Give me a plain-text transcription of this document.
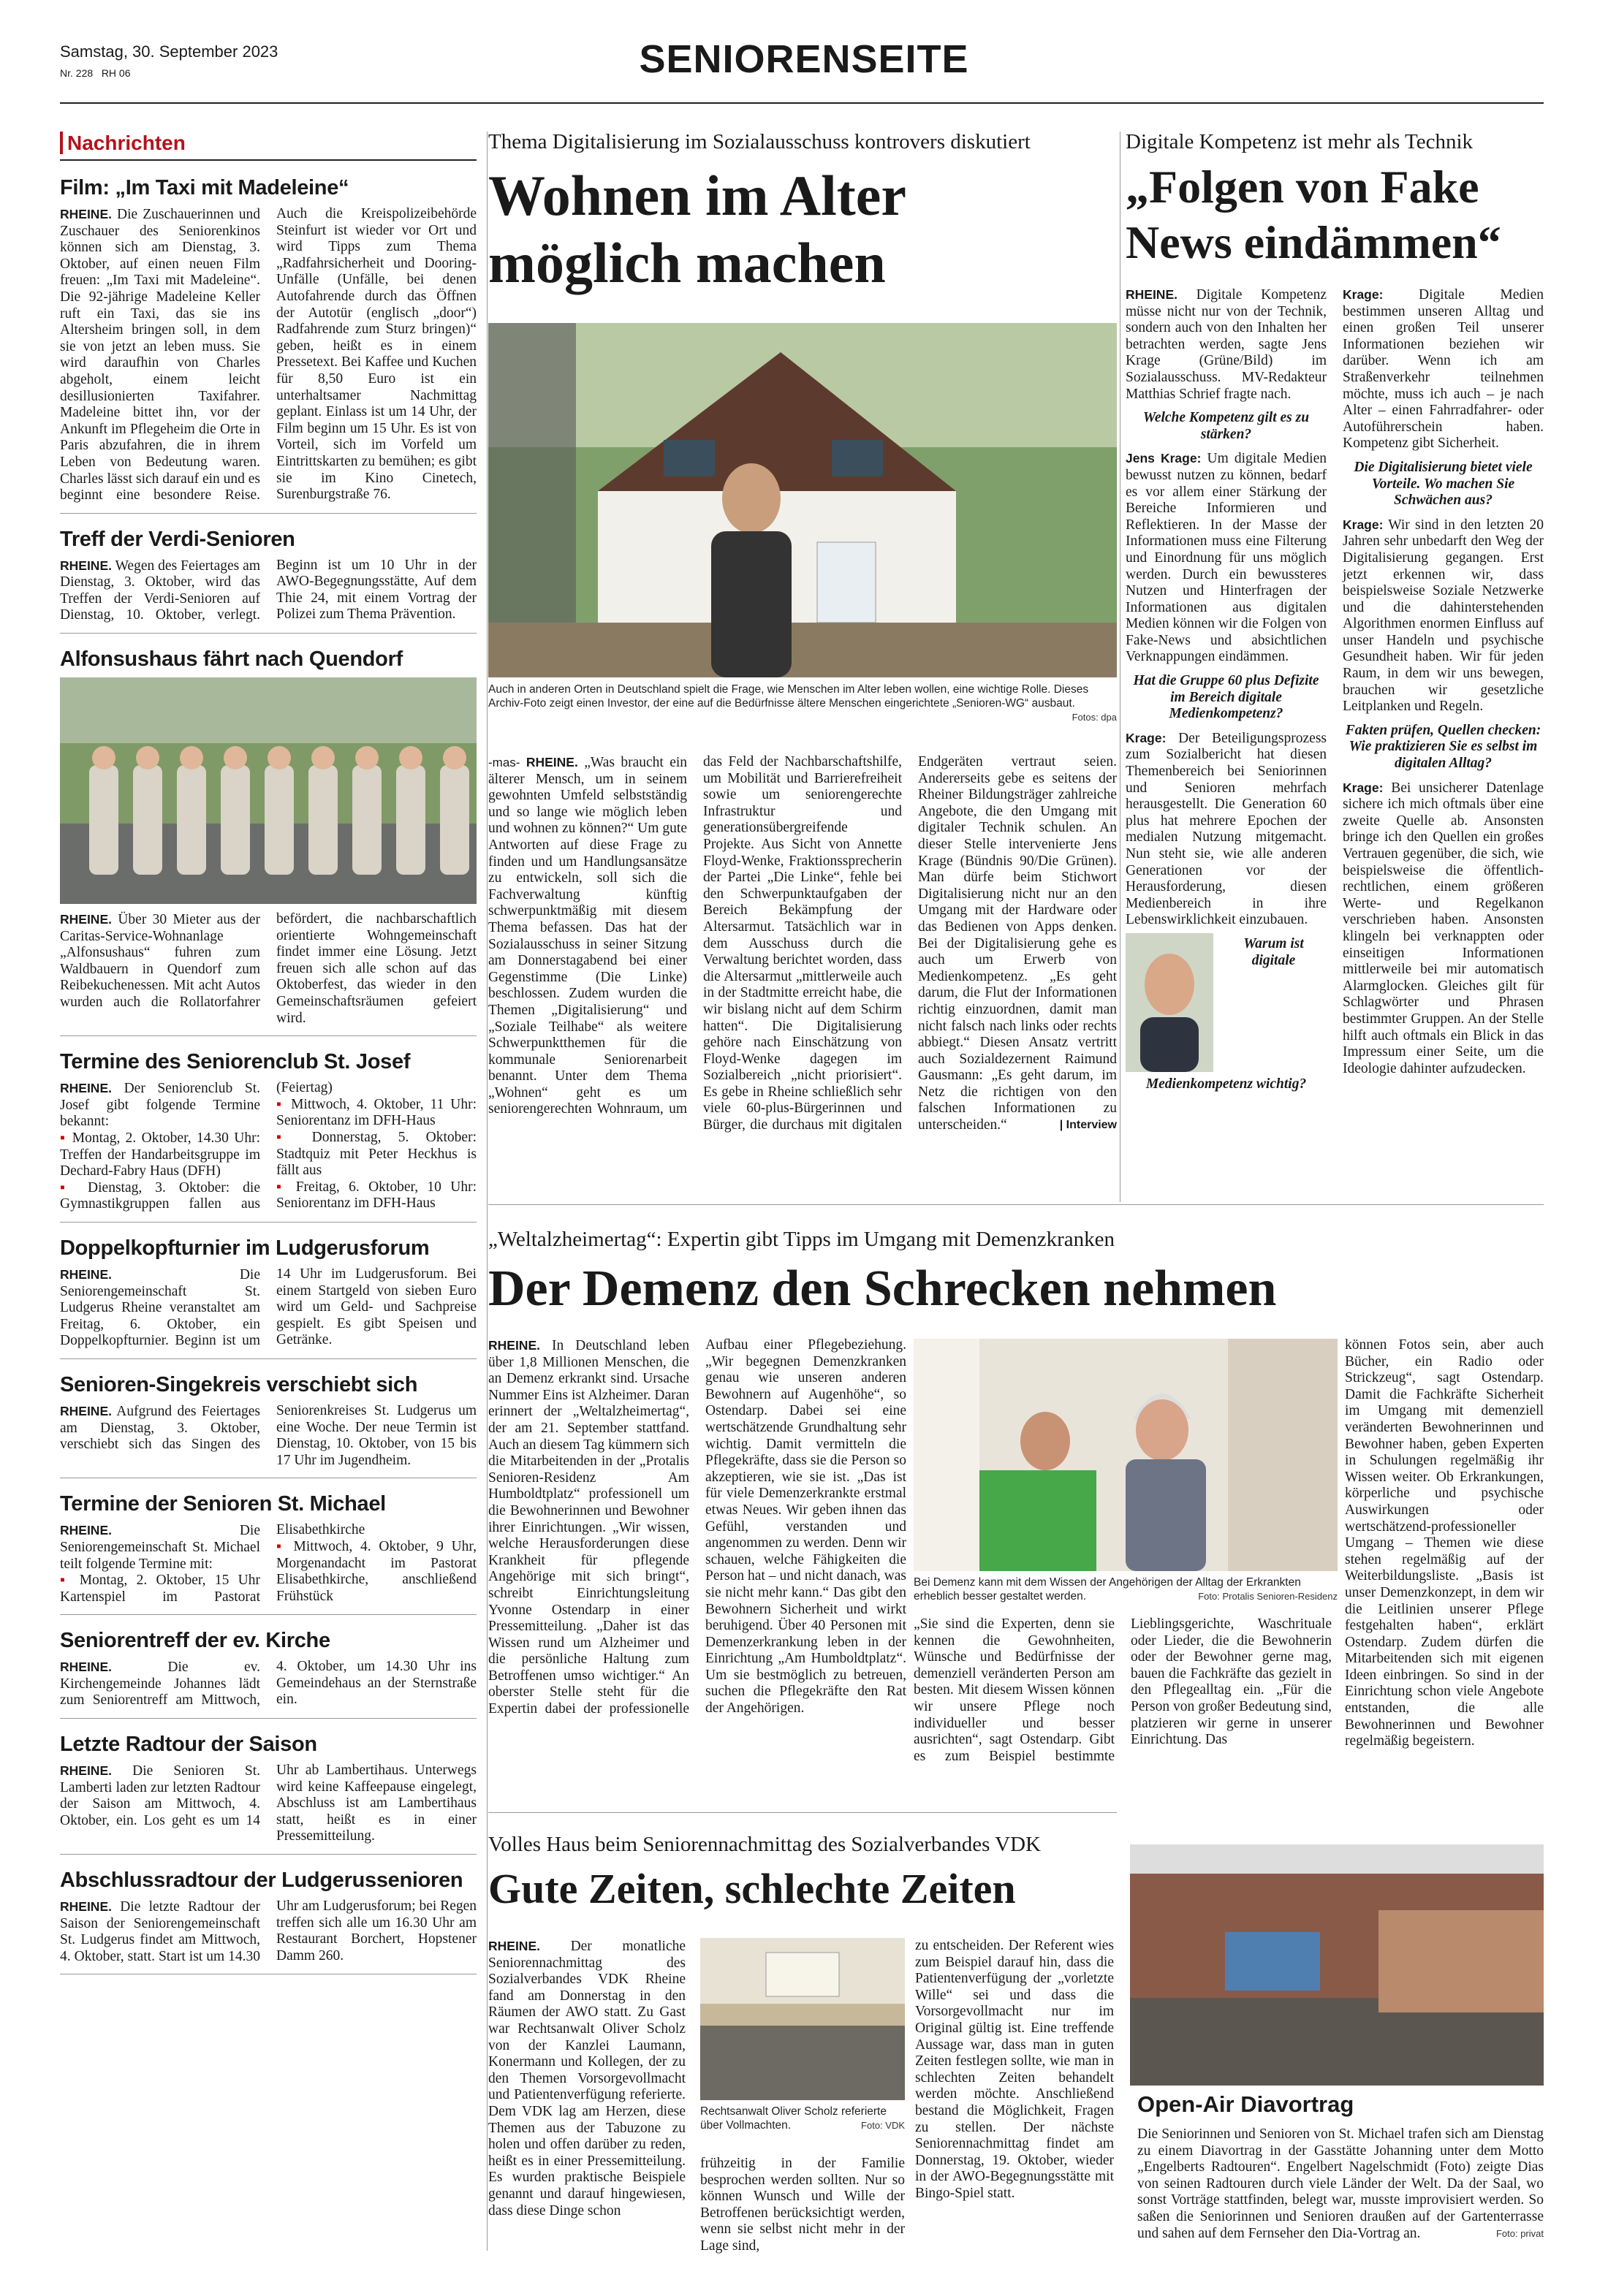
Samstag, 30. September 2023
Nr. 228 RH 06	SENIORENSEITE
Nachrichten
Film: „Im Taxi mit Madeleine“
RHEINE. Die Zuschauerinnen und Zuschauer des Seniorenkinos können sich am Dienstag, 3. Oktober, auf einen neuen Film freuen: „Im Taxi mit Madeleine“. Die 92-jährige Madeleine Keller ruft ein Taxi, das sie ins Altersheim bringen soll, in dem sie von jetzt an leben muss. Sie wird daraufhin von Charles abgeholt, einem leicht desillusionierten Taxifahrer. Madeleine bittet ihn, vor der Ankunft im Pflegeheim die Orte in Paris abzufahren, die in ihrem Leben von Bedeutung waren. Charles lässt sich darauf ein und es beginnt eine besondere Reise. Auch die Kreispolizeibehörde Steinfurt ist wieder vor Ort und wird Tipps zum Thema „Radfahrsicherheit und Dooring-Unfälle (Unfälle, bei denen Autofahrende durch das Öffnen der Autotür (englisch „door“) Radfahrende zum Sturz bringen)“ geben, heißt es in einem Pressetext. Bei Kaffee und Kuchen für 8,50 Euro ist ein unterhaltsamer Nachmittag geplant. Einlass ist um 14 Uhr, der Film beginn um 15 Uhr. Es ist von Vorteil, sich im Vorfeld um Eintrittskarten zu bemühen; es gibt sie im Kino Cinetech, Surenburgstraße 76.
Treff der Verdi-Senioren
RHEINE. Wegen des Feiertages am Dienstag, 3. Oktober, wird das Treffen der Verdi-Senioren auf Dienstag, 10. Oktober, verlegt. Beginn ist um 10 Uhr in der AWO-Begegnungsstätte, Auf dem Thie 24, mit einem Vortrag der Polizei zum Thema Prävention.
Alfonsushaus fährt nach Quendorf
RHEINE. Über 30 Mieter aus der Caritas-Service-Wohnanlage „Alfonsushaus“ fuhren zum Waldbauern in Quendorf zum Reibekuchenessen. Mit acht Autos wurden auch die Rollatorfahrer befördert, die nachbarschaftlich orientierte Wohngemeinschaft findet immer eine Lösung. Jetzt freuen sich alle schon auf das Oktoberfest, das wieder in den Gemeinschaftsräumen gefeiert wird.
Termine des Seniorenclub St. Josef
RHEINE. Der Seniorenclub St. Josef gibt folgende Termine bekannt:
▪ Montag, 2. Oktober, 14.30 Uhr: Treffen der Handarbeitsgruppe im Dechard-Fabry Haus (DFH)
▪ Dienstag, 3. Oktober: die Gymnastikgruppen fallen aus (Feiertag)
▪ Mittwoch, 4. Oktober, 11 Uhr: Seniorentanz im DFH-Haus
▪ Donnerstag, 5. Oktober: Stadtquiz mit Peter Heckhus is fällt aus
▪ Freitag, 6. Oktober, 10 Uhr: Seniorentanz im DFH-Haus
Doppelkopfturnier im Ludgerusforum
RHEINE.	Die Seniorengemeinschaft St. Ludgerus Rheine veranstaltet am Freitag, 6. Oktober, ein Doppelkopfturnier. Beginn ist um 14 Uhr im Ludgerusforum. Bei einem Startgeld von sieben Euro wird um Geld- und Sachpreise gespielt. Es gibt Speisen und Getränke.
Senioren-Singekreis verschiebt sich
RHEINE. Aufgrund des Feiertages am Dienstag, 3. Oktober, verschiebt sich das Singen des Seniorenkreises St. Ludgerus um eine Woche. Der neue Termin ist Dienstag, 10. Oktober, von 15 bis 17 Uhr im Jugendheim.
Termine der Senioren St. Michael
RHEINE.	Die Seniorengemeinschaft St. Michael teilt folgende Termine mit:
▪ Montag, 2. Oktober, 15 Uhr Kartenspiel im Pastorat Elisabethkirche
▪ Mittwoch, 4. Oktober, 9 Uhr, Morgenandacht im Pastorat Elisabethkirche, anschließend Frühstück
Seniorentreff der ev. Kirche
RHEINE.	Die ev. Kirchengemeinde Johannes lädt zum Seniorentreff am Mittwoch, 4. Oktober, um 14.30 Uhr ins Gemeindehaus an der Sternstraße ein.
Letzte Radtour der Saison
RHEINE. Die Senioren St. Lamberti laden zur letzten Radtour der Saison am Mittwoch, 4. Oktober, ein. Los geht es um 14 Uhr ab Lambertihaus. Unterwegs wird keine Kaffeepause eingelegt, Abschluss ist am Lambertihaus statt, heißt es in einer Pressemitteilung.
Abschlussradtour der Ludgerussenioren
RHEINE. Die letzte Radtour der Saison der Seniorengemeinschaft St. Ludgerus findet am Mittwoch, 4. Oktober, statt. Start ist um 14.30 Uhr am Ludgerusforum; bei Regen treffen sich alle um 16.30 Uhr am Restaurant Borchert, Hopstener Damm 260.
Thema Digitalisierung im Sozialausschuss kontrovers diskutiert
Wohnen im Alter möglich machen
Auch in anderen Orten in Deutschland spielt die Frage, wie Menschen im Alter leben wollen, eine wichtige Rolle. Dieses Archiv-Foto zeigt einen Investor, der eine auf die Bedürfnisse ältere Menschen eingerichtete „Senioren-WG“ ausbaut.
Fotos: dpa
-mas- RHEINE. „Was braucht ein älterer Mensch, um in seinem gewohnten Umfeld selbstständig und so lange wie möglich leben und wohnen zu können?“ Um gute Antworten auf diese Frage zu finden und um Handlungsansätze zu entwickeln, soll sich die Fachverwaltung künftig schwerpunktmäßig mit diesem Thema befassen. Das hat der Sozialausschuss in seiner Sitzung am Donnerstagabend bei einer Gegenstimme (Die Linke) beschlossen. Zudem wurden die Themen „Digitalisierung“ und „Soziale Teilhabe“ als weitere Schwerpunktthemen für die kommunale Seniorenarbeit benannt. Unter dem Thema „Wohnen“ geht es um seniorengerechten Wohnraum, um das Feld der Nachbarschaftshilfe, um Mobilität und Barrierefreiheit sowie um seniorengerechte Infrastruktur und generationsübergreifende Projekte. Aus Sicht von Annette Floyd-Wenke, Fraktionssprecherin der Partei „Die Linke“, fehle bei den Schwerpunktaufgaben der Bereich Bekämpfung der Altersarmut. Tatsächlich war in dem Ausschuss durch die Verwaltung berichtet worden, dass die Altersarmut „mittlerweile auch in der Stadtmitte erreicht habe, die wir bislang nicht auf dem Schirm hatten“. Die Digitalisierung gehöre nach Einschätzung von Floyd-Wenke dagegen im Sozialbereich „nicht priorisiert“. Es gebe in Rheine schließlich sehr viele 60-plus-Bürgerinnen und Bürger, die durchaus mit digitalen Endgeräten vertraut seien. Andererseits gebe es seitens der Rheiner Bildungsträger zahlreiche Angebote, die den Umgang mit digitaler Technik schulen. An dieser Stelle intervenierte Jens Krage (Bündnis 90/Die Grünen). Man dürfe beim Stichwort Digitalisierung nicht nur an den Umgang mit der Hardware oder das Bedienen von Apps denken. Bei der Digitalisierung gehe es auch um Erwerb von Medienkompetenz. „Es geht darum, die Flut der Informationen richtig einzuordnen, damit man nicht falsch nach links oder rechts abbiegt.“ Diesen Ansatz vertritt auch Sozialdezernent Raimund Gausmann: „Es geht darum, im Netz die richtigen von den falschen Informationen zu unterscheiden.“	| Interview
Digitale Kompetenz ist mehr als Technik
„Folgen von Fake News eindämmen“
RHEINE. Digitale Kompetenz müsse nicht nur von der Technik, sondern auch von den Inhalten her betrachten werden, sagte Jens Krage (Grüne/Bild) im Sozialausschuss. MV-Redakteur Matthias Schrief fragte nach.

Welche Kompetenz gilt es zu stärken?

Jens Krage: Um digitale Medien bewusst nutzen zu können, bedarf es vor allem einer Stärkung der Bereiche Informieren und Reflektieren. In der Masse der Informationen muss eine Filterung und Einordnung für uns möglich werden. Durch ein bewussteres Nutzen und Hinterfragen der Informationen aus digitalen Medien können wir die Folgen von Fake-News und absichtlichen Verknappungen eindämmen.

Hat die Gruppe 60 plus Defizite im Bereich digitale Medienkompetenz?

Krage: Der Beteiligungsprozess zum Sozialbericht hat diesen Themenbereich bei Seniorinnen und Senioren mehrfach herausgestellt. Die Generation 60 plus hat mehrere Epochen der medialen Nutzung mitgemacht. Nun steht sie, wie alle anderen Generationen vor der Herausforderung, diesen Medienbereich in ihre Lebenswirklichkeit einzubauen.

Warum ist digitale Medienkompetenz wichtig?

Krage: Digitale Medien bestimmen unseren Alltag und einen großen Teil unserer Informationen beziehen wir darüber. Wenn ich am Straßenverkehr teilnehmen möchte, muss ich auch – je nach Alter – einen Fahrradfahrer- oder Autoführerschein haben. Kompetenz gibt Sicherheit.

Die Digitalisierung bietet viele Vorteile. Wo machen Sie Schwächen aus?

Krage: Wir sind in den letzten 20 Jahren sehr unbedarft den Weg der Digitalisierung gegangen. Erst jetzt erkennen wir, dass beispielsweise Soziale Netzwerke und die dahinterstehenden Algorithmen enormen Einfluss auf unser Handeln und psychische Gesundheit haben. Wir für jeden Raum, in dem wir uns bewegen, brauchen wir gesetzliche Leitplanken und Regeln.

Fakten prüfen, Quellen checken: Wie praktizieren Sie es selbst im digitalen Alltag?

Krage: Bei unsicherer Datenlage sichere ich mich oftmals über eine zweite Quelle ab. Ansonsten bringe ich den Quellen ein großes Vertrauen gegenüber, die sich, wie beispielsweise die öffentlich-rechtlichen, einem größeren Werte- und Regelkanon verschrieben haben. Ansonsten klingeln bei verknappten oder einseitigen Informationen mittlerweile bei mir automatisch Alarmglocken. Gleiches gilt für Schlagwörter und Phrasen bestimmter Gruppen. An der Stelle hilft auch oftmals ein Blick in das Impressum einer Seite, um die Ideologie dahinter aufzudecken.

„Weltalzheimertag“: Expertin gibt Tipps im Umgang mit Demenzkranken
Der Demenz den Schrecken nehmen
RHEINE. In Deutschland leben über 1,8 Millionen Menschen, die an Demenz erkrankt sind. Ursache Nummer Eins ist Alzheimer. Daran erinnert der „Weltalzheimertag“, der am 21. September stattfand. Auch an diesem Tag kümmern sich die Mitarbeitenden in der „Protalis Senioren-Residenz Am Humboldtplatz“ professionell um die Bewohnerinnen und Bewohner ihrer Einrichtungen. „Wir wissen, welche Herausforderungen diese Krankheit für pflegende Angehörige mit sich bringt“, schreibt Einrichtungsleitung Yvonne Ostendarp in einer Pressemitteilung. „Daher ist das Wissen rund um Alzheimer und die persönliche Haltung zum Betroffenen umso wichtiger.“ An oberster Stelle steht für die Expertin dabei der professionelle Aufbau einer Pflegebeziehung. „Wir begegnen Demenzkranken genau wie unseren anderen Bewohnern auf Augenhöhe“, so Ostendarp. Dabei sei eine wertschätzende Grundhaltung sehr wichtig. Damit vermitteln die Pflegekräfte, dass sie die Person so akzeptieren, wie sie ist. „Das ist für viele Demenzerkrankte erstmal etwas Neues. Wir geben ihnen das Gefühl, verstanden und angenommen zu werden. Denn wir schauen, welche Fähigkeiten die Person hat – und nicht danach, was sie nicht mehr kann.“ Das gibt den Bewohnern Sicherheit und wirkt beruhigend. Über 40 Personen mit Demenzerkrankung leben in der Einrichtung „Am Humboldtplatz“. Um sie bestmöglich zu betreuen, suchen die Pflegekräfte den Rat der Angehörigen.
Bei Demenz kann mit dem Wissen der Angehörigen der Alltag der Erkrankten erheblich besser gestaltet werden.	Foto: Protalis Senioren-Residenz
„Sie sind die Experten, denn sie kennen die Gewohnheiten, Wünsche und Bedürfnisse der demenziell veränderten Person am besten. Mit diesem Wissen können wir unsere Pflege noch individueller und besser ausrichten“, sagt Ostendarp. Gibt es zum Beispiel bestimmte Lieblingsgerichte, Waschrituale oder Lieder, die die Bewohnerin oder der Bewohner gerne mag, bauen die Fachkräfte das gezielt in den Pflegealltag ein. „Für die Person von großer Bedeutung sind, platzieren wir gerne in unserer Einrichtung. Das
können Fotos sein, aber auch Bücher, ein Radio oder Strickzeug“, sagt Ostendarp. Damit die Fachkräfte Sicherheit im Umgang mit demenziell veränderten Bewohnerinnen und Bewohner haben, geben Experten in Schulungen regelmäßig ihr Wissen weiter. Ob Erkrankungen, körperliche und psychische Auswirkungen oder wertschätzend-professioneller Umgang – Themen wie diese stehen regelmäßig auf der Weiterbildungsliste. „Basis ist unser Demenzkonzept, in dem wir die Leitlinien unserer Pflege festgehalten haben“, erklärt Ostendarp. Zudem dürfen die Mitarbeitenden sich mit eigenen Ideen einbringen. So sind in der Einrichtung schon viele Angebote entstanden, die alle Bewohnerinnen und Bewohner regelmäßig begeistern.
Volles Haus beim Seniorennachmittag des Sozialverbandes VDK
Gute Zeiten, schlechte Zeiten
RHEINE. Der monatliche Seniorennachmittag des Sozialverbandes VDK Rheine fand am Donnerstag in den Räumen der AWO statt. Zu Gast war Rechtsanwalt Oliver Scholz von der Kanzlei Laumann, Konermann und Kollegen, der zu den Themen Vorsorgevollmacht und Patientenverfügung referierte. Dem VDK lag am Herzen, diese Themen aus der Tabuzone zu holen und offen darüber zu reden, heißt es in einer Pressemitteilung. Es wurden praktische Beispiele genannt und darauf hingewiesen, dass diese Dinge schon
Rechtsanwalt Oliver Scholz referierte über Vollmachten.	Foto: VDK
frühzeitig in der Familie besprochen werden sollten. Nur so können Wunsch und Wille der Betroffenen berücksichtigt werden, wenn sie selbst nicht mehr in der Lage sind,
zu entscheiden. Der Referent wies zum Beispiel darauf hin, dass die Patientenverfügung der „vorletzte Wille“ sei und dass die Vorsorgevollmacht nur im Original gültig ist. Eine treffende Aussage war, dass man in guten Zeiten festlegen sollte, wie man in schlechten Zeiten behandelt werden möchte. Anschließend bestand die Möglichkeit, Fragen zu stellen. Der nächste Seniorennachmittag findet am Donnerstag, 19. Oktober, wieder in der AWO-Begegnungsstätte mit Bingo-Spiel statt.
Open-Air Diavortrag
Die Seniorinnen und Senioren von St. Michael trafen sich am Dienstag zu einem Diavortrag in der Gasstätte Johanning unter dem Motto „Engelberts Radtouren“. Engelbert Nagelschmidt (Foto) zeigte Dias von seinen Radtouren durch viele Länder der Welt. Da der Saal, wo sonst Vorträge stattfinden, belegt war, musste improvisiert werden. So saßen die Seniorinnen und Senioren draußen auf der Gartenterrasse und sahen auf dem Fernseher den Dia-Vortrag an.	Foto: privat
